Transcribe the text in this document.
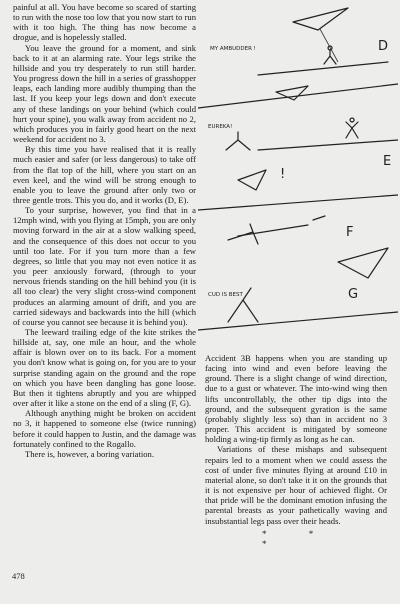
painful at all. You have become so scared of starting to run with the nose too low that you now start to run with it too high. The thing has now become a drogue, and is hopelessly stalled.

You leave the ground for a moment, and sink back to it at an alarming rate. Your legs strike the hillside and you try desperately to run still harder. You progress down the hill in a series of grasshopper leaps, each landing more audibly thumping than the last. If you keep your legs down and don't execute any of these landings on your behind (which could hurt your spine), you walk away from accident no 2, which produces you in fairly good heart on the next weekend for accident no 3.

By this time you have realised that it is really much easier and safer (or less dangerous) to take off from the flat top of the hill, where you start on an even keel, and the wind will be strong enough to enable you to leave the ground after only two or three gentle trots. This you do, and it works (D, E).

To your surprise, however, you find that in a 12mph wind, with you flying at 15mph, you are only moving forward in the air at a slow walking speed, and the consequence of this does not occur to you until too late. For if you turn more than a few degrees, so little that you may not even notice it as you peer anxiously forward, (through to your nervous friends standing on the hill behind you (it is all too clear) the very slight cross-wind component produces an alarming amount of drift, and you are carried sideways and backwards into the hill (which of course you cannot see because it is behind you).

The leeward trailing edge of the kite strikes the hillside at, say, one mile an hour, and the whole affair is blown over on to its back. For a moment you don't know what is going on, for you are to your surprise standing again on the ground and the rope on which you have been dangling has gone loose. But then it tightens abruptly and you are whipped over after it like a stone on the end of a sling (F, G).

Although anything might be broken on accident no 3, it happened to someone else (twice running) before it could happen to Justin, and the damage was fortunately confined to the Rogallo.

There is, however, a boring variation.

MY AMBUDDER !	D
EUREKA!
E
!
F
CUD IS BEST	G

Accident 3B happens when you are standing up facing into wind and even before leaving the ground. There is a slight change of wind direction, due to a gust or whatever. The into-wind wing then lifts uncontrollably, the other tip digs into the ground, and the subsequent gyration is the same (probably slightly less so) than in accident no 3 proper. This accident is mitigated by someone holding a wing-tip firmly as long as he can.

Variations of these mishaps and subsequent repairs led to a moment when we could assess the cost of under five minutes flying at around £10 in material alone, so don't take it it on the grounds that it is not expensive per hour of achieved flight. Or that pride will be the dominant emotion infusing the parental breasts as your pathetically waving and insubstantial legs pass over their heads.

* * *
478
